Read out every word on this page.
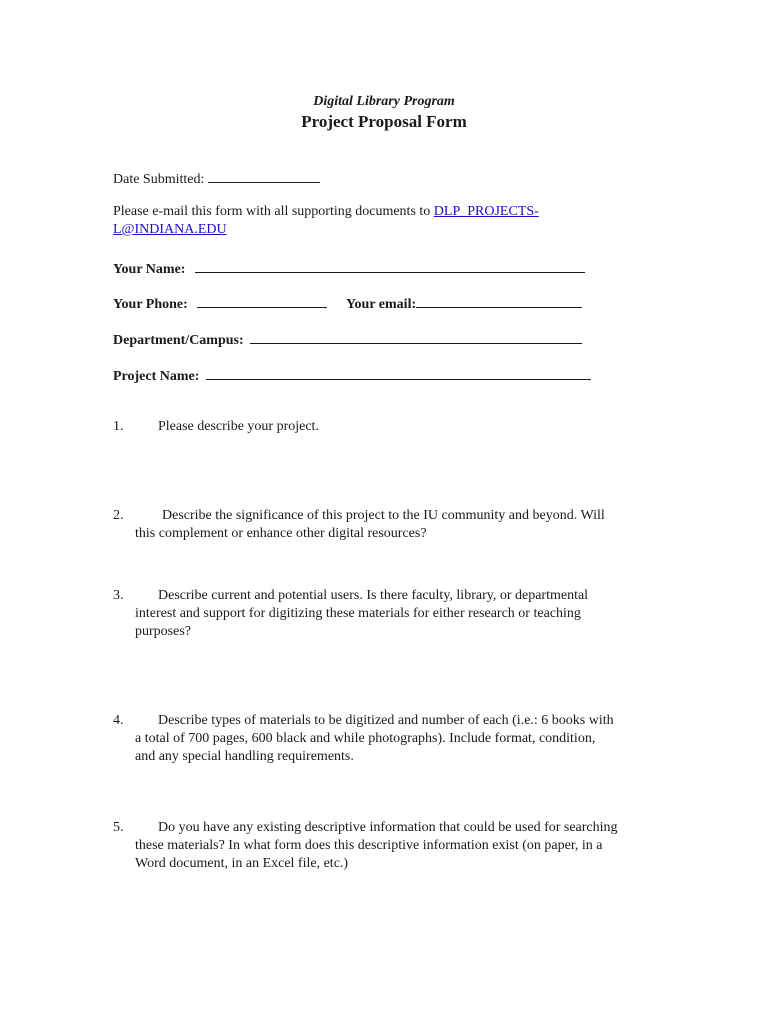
Digital Library Program
Project Proposal Form
Date Submitted:
Please e-mail this form with all supporting documents to DLP_PROJECTS-
L@INDIANA.EDU
Your Name:
Your Phone:	Your email:
Department/Campus:
Project Name:
1. Please describe your project.
2.	Describe the significance of this project to the IU community and beyond. Will
this complement or enhance other digital resources?
3. Describe current and potential users. Is there faculty, library, or departmental
interest and support for digitizing these materials for either research or teaching
purposes?
4. Describe types of materials to be digitized and number of each (i.e.: 6 books with
a total of 700 pages, 600 black and while photographs). Include format, condition,
and any special handling requirements.
5. Do you have any existing descriptive information that could be used for searching
these materials? In what form does this descriptive information exist (on paper, in a
Word document, in an Excel file, etc.)
